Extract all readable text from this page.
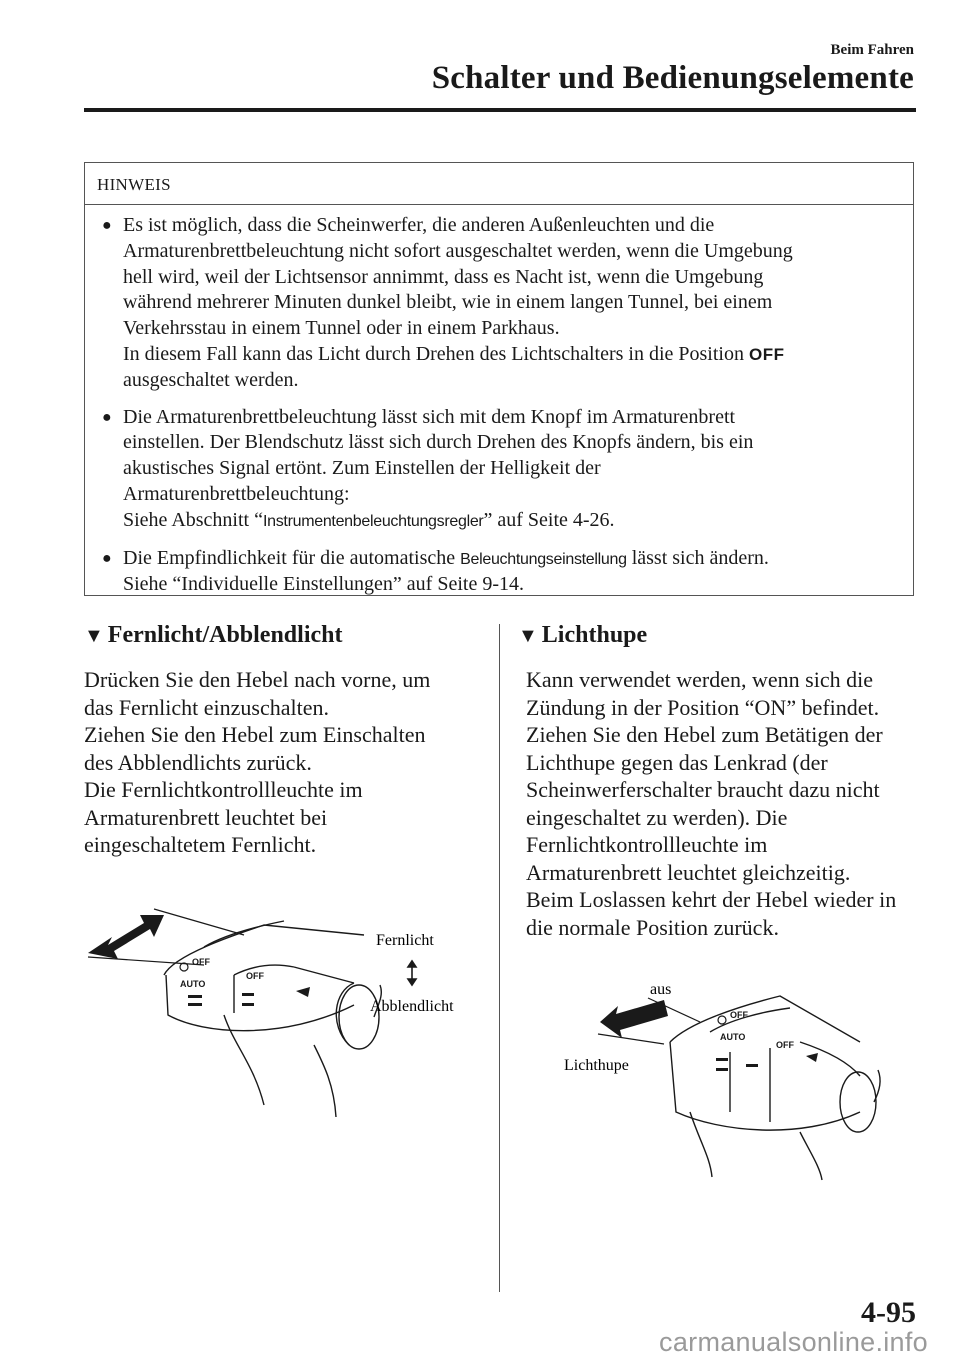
Beim Fahren
Schalter und Bedienungselemente
HINWEIS
● Es ist möglich, dass die Scheinwerfer, die anderen Außenleuchten und die
Armaturenbrettbeleuchtung nicht sofort ausgeschaltet werden, wenn die Umgebung
hell wird, weil der Lichtsensor annimmt, dass es Nacht ist, wenn die Umgebung
während mehrerer Minuten dunkel bleibt, wie in einem langen Tunnel, bei einem
Verkehrsstau in einem Tunnel oder in einem Parkhaus.
In diesem Fall kann das Licht durch Drehen des Lichtschalters in die Position OFF
ausgeschaltet werden.
● Die Armaturenbrettbeleuchtung lässt sich mit dem Knopf im Armaturenbrett
einstellen. Der Blendschutz lässt sich durch Drehen des Knopfs ändern, bis ein
akustisches Signal ertönt. Zum Einstellen der Helligkeit der
Armaturenbrettbeleuchtung:
Siehe Abschnitt “Instrumentenbeleuchtungsregler” auf Seite 4-26.
● Die Empfindlichkeit für die automatische Beleuchtungseinstellung lässt sich ändern.
Siehe “Individuelle Einstellungen” auf Seite 9-14.
▼ Fernlicht/Abblendlicht
Drücken Sie den Hebel nach vorne, um
das Fernlicht einzuschalten.
Ziehen Sie den Hebel zum Einschalten
des Abblendlichts zurück.
Die Fernlichtkontrollleuchte im
Armaturenbrett leuchtet bei
eingeschaltetem Fernlicht.
OFF
AUTO
OFF
Fernlicht
Abblendlicht
▼ Lichthupe
Kann verwendet werden, wenn sich die
Zündung in der Position “ON” befindet.
Ziehen Sie den Hebel zum Betätigen der
Lichthupe gegen das Lenkrad (der
Scheinwerferschalter braucht dazu nicht
eingeschaltet zu werden). Die
Fernlichtkontrollleuchte im
Armaturenbrett leuchtet gleichzeitig.
Beim Loslassen kehrt der Hebel wieder in
die normale Position zurück.
aus
Lichthupe
OFF
AUTO
OFF
4-95
carmanualsonline.info
